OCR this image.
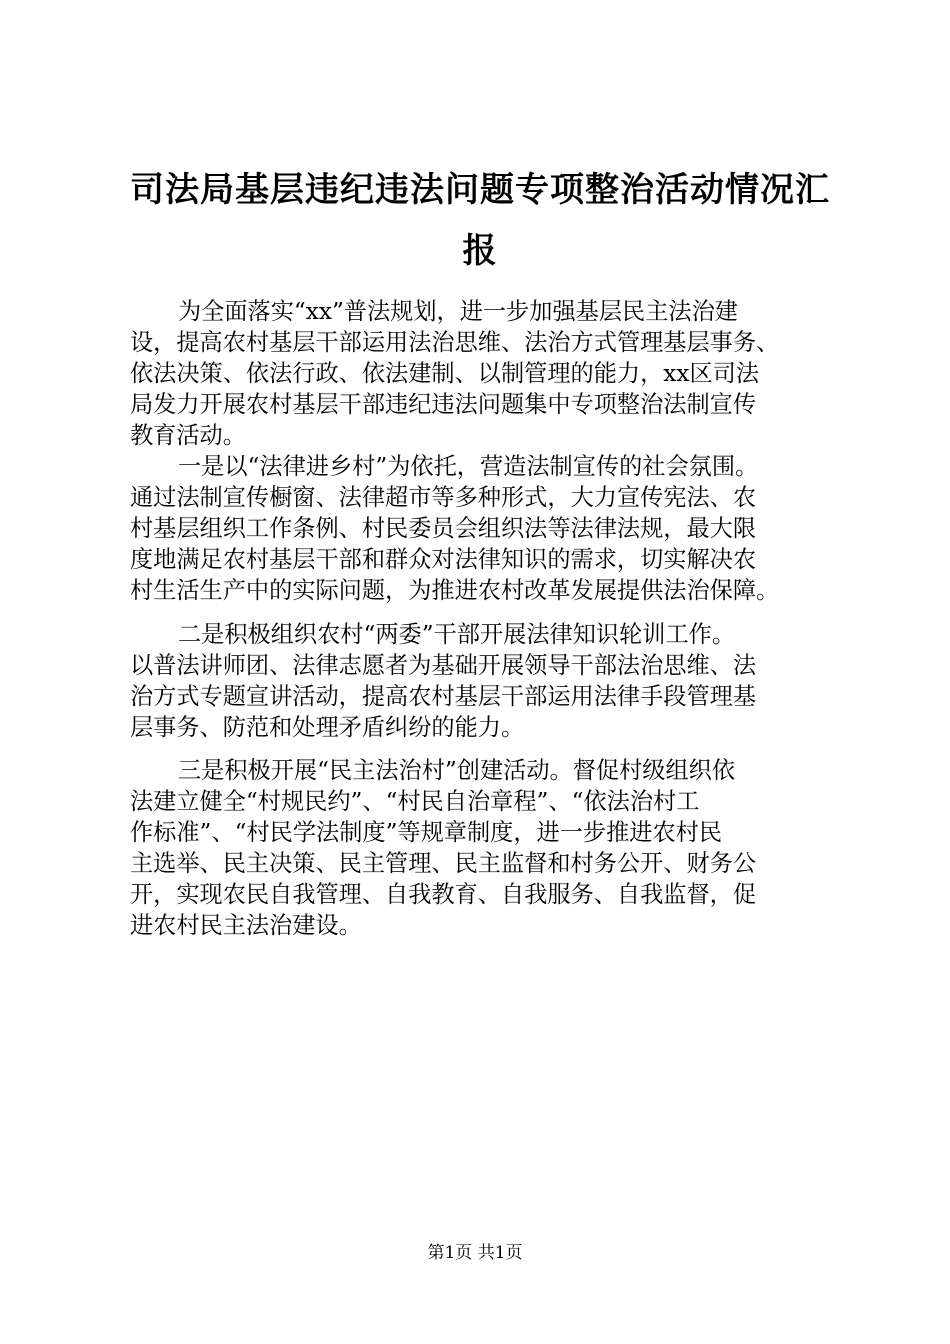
司法局基层违纪违法问题专项整治活动情况汇
报
为全面落实“xx”普法规划，进一步加强基层民主法治建
设，提高农村基层干部运用法治思维、法治方式管理基层事务、
依法决策、依法行政、依法建制、以制管理的能力，xx区司法
局发力开展农村基层干部违纪违法问题集中专项整治法制宣传
教育活动。
一是以“法律进乡村”为依托，营造法制宣传的社会氛围。
通过法制宣传橱窗、法律超市等多种形式，大力宣传宪法、农
村基层组织工作条例、村民委员会组织法等法律法规，最大限
度地满足农村基层干部和群众对法律知识的需求，切实解决农
村生活生产中的实际问题，为推进农村改革发展提供法治保障。
二是积极组织农村“两委”干部开展法律知识轮训工作。
以普法讲师团、法律志愿者为基础开展领导干部法治思维、法
治方式专题宣讲活动，提高农村基层干部运用法律手段管理基
层事务、防范和处理矛盾纠纷的能力。
三是积极开展“民主法治村”创建活动。督促村级组织依
法建立健全“村规民约”、“村民自治章程”、“依法治村工
作标准”、“村民学法制度”等规章制度，进一步推进农村民
主选举、民主决策、民主管理、民主监督和村务公开、财务公
开，实现农民自我管理、自我教育、自我服务、自我监督，促
进农村民主法治建设。
第1页 共1页
